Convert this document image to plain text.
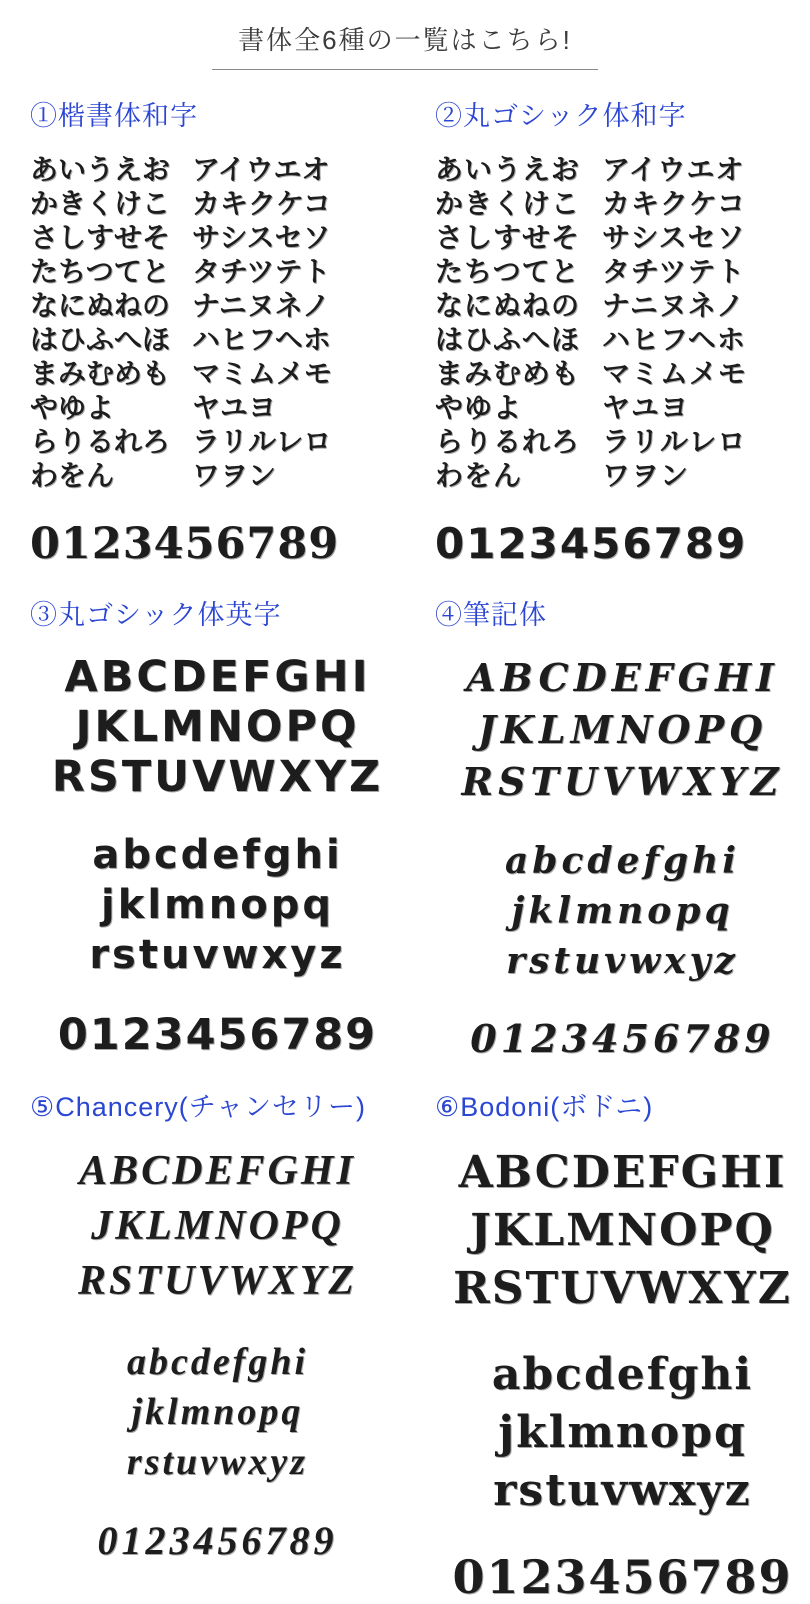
書体全6種の一覧はこちら!
①楷書体和字
あいうえお
かきくけこ
さしすせそ
たちつてと
なにぬねの
はひふへほ
まみむめも
やゆよ
らりるれろ
わをん
アイウエオ
カキクケコ
サシスセソ
タチツテト
ナニヌネノ
ハヒフヘホ
マミムメモ
ヤユヨ
ラリルレロ
ワヲン
0123456789
②丸ゴシック体和字
あいうえお
かきくけこ
さしすせそ
たちつてと
なにぬねの
はひふへほ
まみむめも
やゆよ
らりるれろ
わをん
アイウエオ
カキクケコ
サシスセソ
タチツテト
ナニヌネノ
ハヒフヘホ
マミムメモ
ヤユヨ
ラリルレロ
ワヲン
0123456789
③丸ゴシック体英字
ABCDEFGHI
JKLMNOPQ
RSTUVWXYZ
abcdefghi
jklmnopq
rstuvwxyz
0123456789
④筆記体
ABCDEFGHI
JKLMNOPQ
RSTUVWXYZ
abcdefghi
jklmnopq
rstuvwxyz
0123456789
⑤Chancery(チャンセリー)
ABCDEFGHI
JKLMNOPQ
RSTUVWXYZ
abcdefghi
jklmnopq
rstuvwxyz
0123456789
⑥Bodoni(ボドニ)
ABCDEFGHI
JKLMNOPQ
RSTUVWXYZ
abcdefghi
jklmnopq
rstuvwxyz
0123456789
